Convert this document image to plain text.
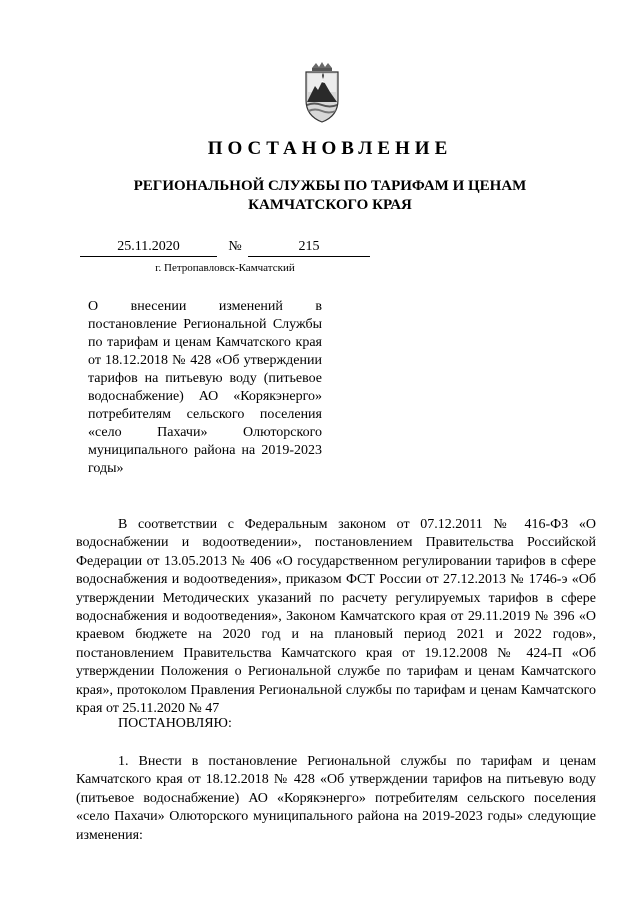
ПОСТАНОВЛЕНИЕ
РЕГИОНАЛЬНОЙ СЛУЖБЫ ПО ТАРИФАМ И ЦЕНАМ
КАМЧАТСКОГО КРАЯ
25.11.2020	№	215
г. Петропавловск-Камчатский
О внесении изменений в постановление Региональной Службы по тарифам и ценам Камчатского края от 18.12.2018 № 428 «Об утверждении тарифов на питьевую воду (питьевое водоснабжение) АО «Корякэнерго» потребителям сельского поселения «село Пахачи» Олюторского муниципального района на 2019-2023 годы»
В соответствии с Федеральным законом от 07.12.2011 № 416-ФЗ «О водоснабжении и водоотведении», постановлением Правительства Российской Федерации от 13.05.2013 № 406 «О государственном регулировании тарифов в сфере водоснабжения и водоотведения», приказом ФСТ России от 27.12.2013 № 1746-э «Об утверждении Методических указаний по расчету регулируемых тарифов в сфере водоснабжения и водоотведения», Законом Камчатского края от 29.11.2019 № 396 «О краевом бюджете на 2020 год и на плановый период 2021 и 2022 годов», постановлением Правительства Камчатского края от 19.12.2008 № 424-П «Об утверждении Положения о Региональной службе по тарифам и ценам Камчатского края», протоколом Правления Региональной службы по тарифам и ценам Камчатского края от 25.11.2020 № 47
ПОСТАНОВЛЯЮ:
1. Внести в постановление Региональной службы по тарифам и ценам Камчатского края от 18.12.2018 № 428 «Об утверждении тарифов на питьевую воду (питьевое водоснабжение) АО «Корякэнерго» потребителям сельского поселения «село Пахачи» Олюторского муниципального района на 2019-2023 годы» следующие изменения:
